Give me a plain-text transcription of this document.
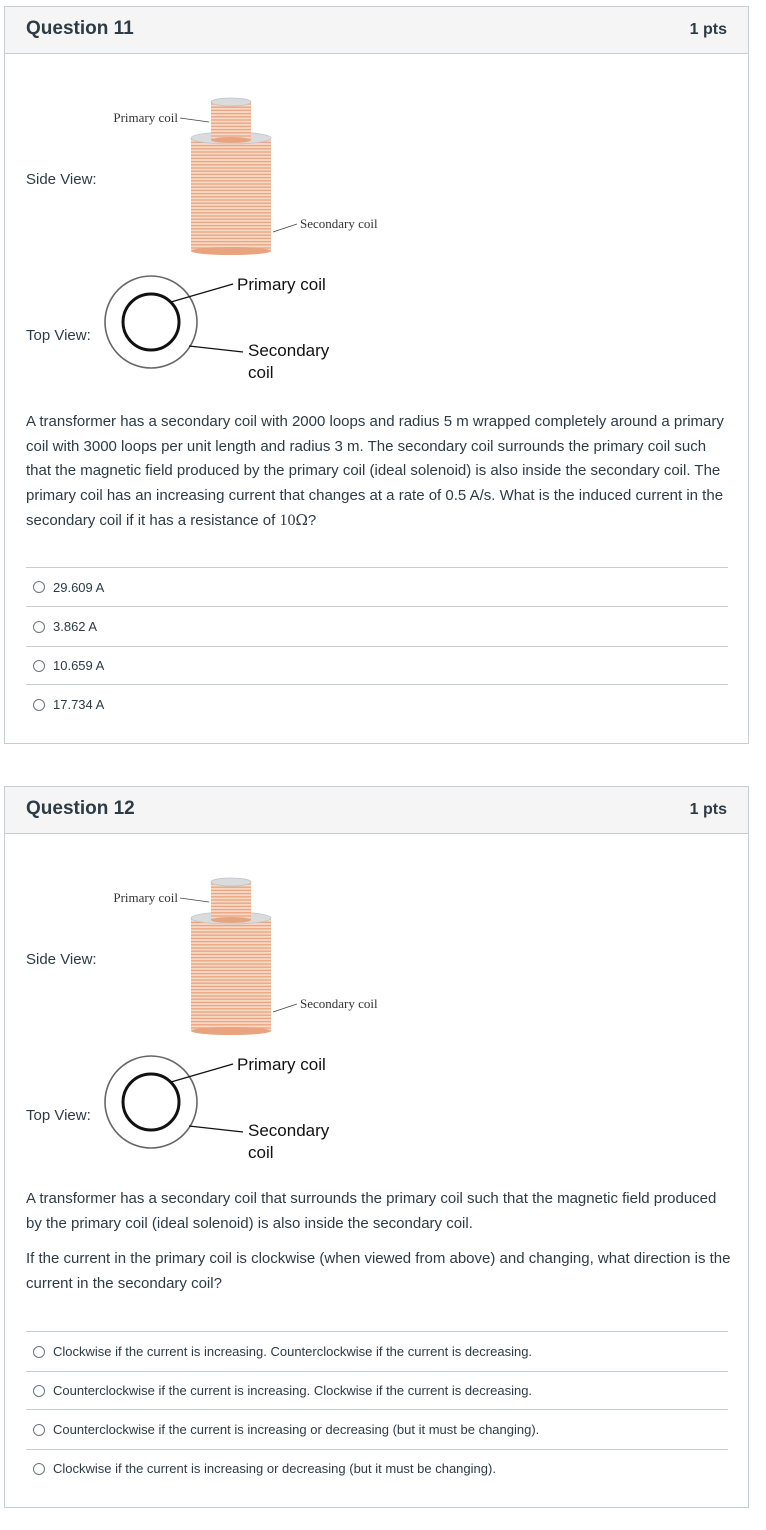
Question 11	1 pts
Side View:
Primary coil
Secondary coil
Top View:
Primary coil
Secondary
coil

A transformer has a secondary coil with 2000 loops and radius 5 m wrapped completely around a primary coil with 3000 loops per unit length and radius 3 m. The secondary coil surrounds the primary coil such that the magnetic field produced by the primary coil (ideal solenoid) is also inside the secondary coil. The primary coil has an increasing current that changes at a rate of 0.5 A/s. What is the induced current in the secondary coil if it has a resistance of 10Ω?

29.609 A
3.862 A
10.659 A
17.734 A
Question 12	1 pts
Side View:
Primary coil
Secondary coil
Top View:
Primary coil
Secondary
coil

A transformer has a secondary coil that surrounds the primary coil such that the magnetic field produced by the primary coil (ideal solenoid) is also inside the secondary coil.

If the current in the primary coil is clockwise (when viewed from above) and changing, what direction is the current in the secondary coil?

Clockwise if the current is increasing. Counterclockwise if the current is decreasing.
Counterclockwise if the current is increasing. Clockwise if the current is decreasing.
Counterclockwise if the current is increasing or decreasing (but it must be changing).
Clockwise if the current is increasing or decreasing (but it must be changing).
